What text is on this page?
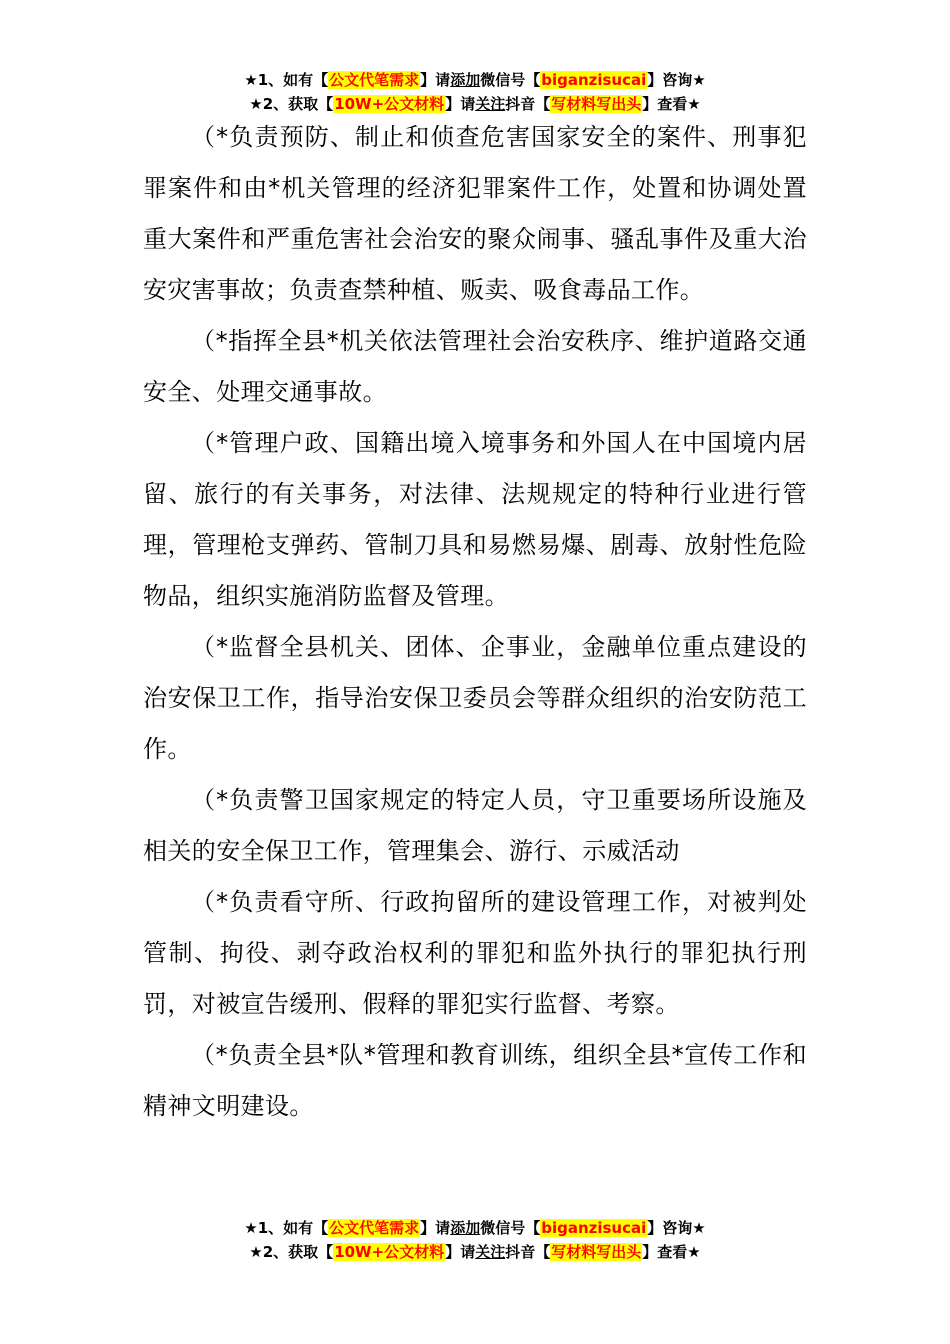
★1、如有【公文代笔需求】请添加微信号【biganzisucai】咨询★
★2、获取【10W+公文材料】请关注抖音【写材料写出头】查看★

（*负责预防、制止和侦查危害国家安全的案件、刑事犯罪案件和由*机关管理的经济犯罪案件工作，处置和协调处置重大案件和严重危害社会治安的聚众闹事、骚乱事件及重大治安灾害事故；负责查禁种植、贩卖、吸食毒品工作。

（*指挥全县*机关依法管理社会治安秩序、维护道路交通安全、处理交通事故。

（*管理户政、国籍出境入境事务和外国人在中国境内居留、旅行的有关事务，对法律、法规规定的特种行业进行管理，管理枪支弹药、管制刀具和易燃易爆、剧毒、放射性危险物品，组织实施消防监督及管理。

（*监督全县机关、团体、企事业，金融单位重点建设的治安保卫工作，指导治安保卫委员会等群众组织的治安防范工作。

（*负责警卫国家规定的特定人员，守卫重要场所设施及相关的安全保卫工作，管理集会、游行、示威活动

（*负责看守所、行政拘留所的建设管理工作，对被判处管制、拘役、剥夺政治权利的罪犯和监外执行的罪犯执行刑罚，对被宣告缓刑、假释的罪犯实行监督、考察。

（*负责全县*队*管理和教育训练，组织全县*宣传工作和精神文明建设。

★1、如有【公文代笔需求】请添加微信号【biganzisucai】咨询★
★2、获取【10W+公文材料】请关注抖音【写材料写出头】查看★
